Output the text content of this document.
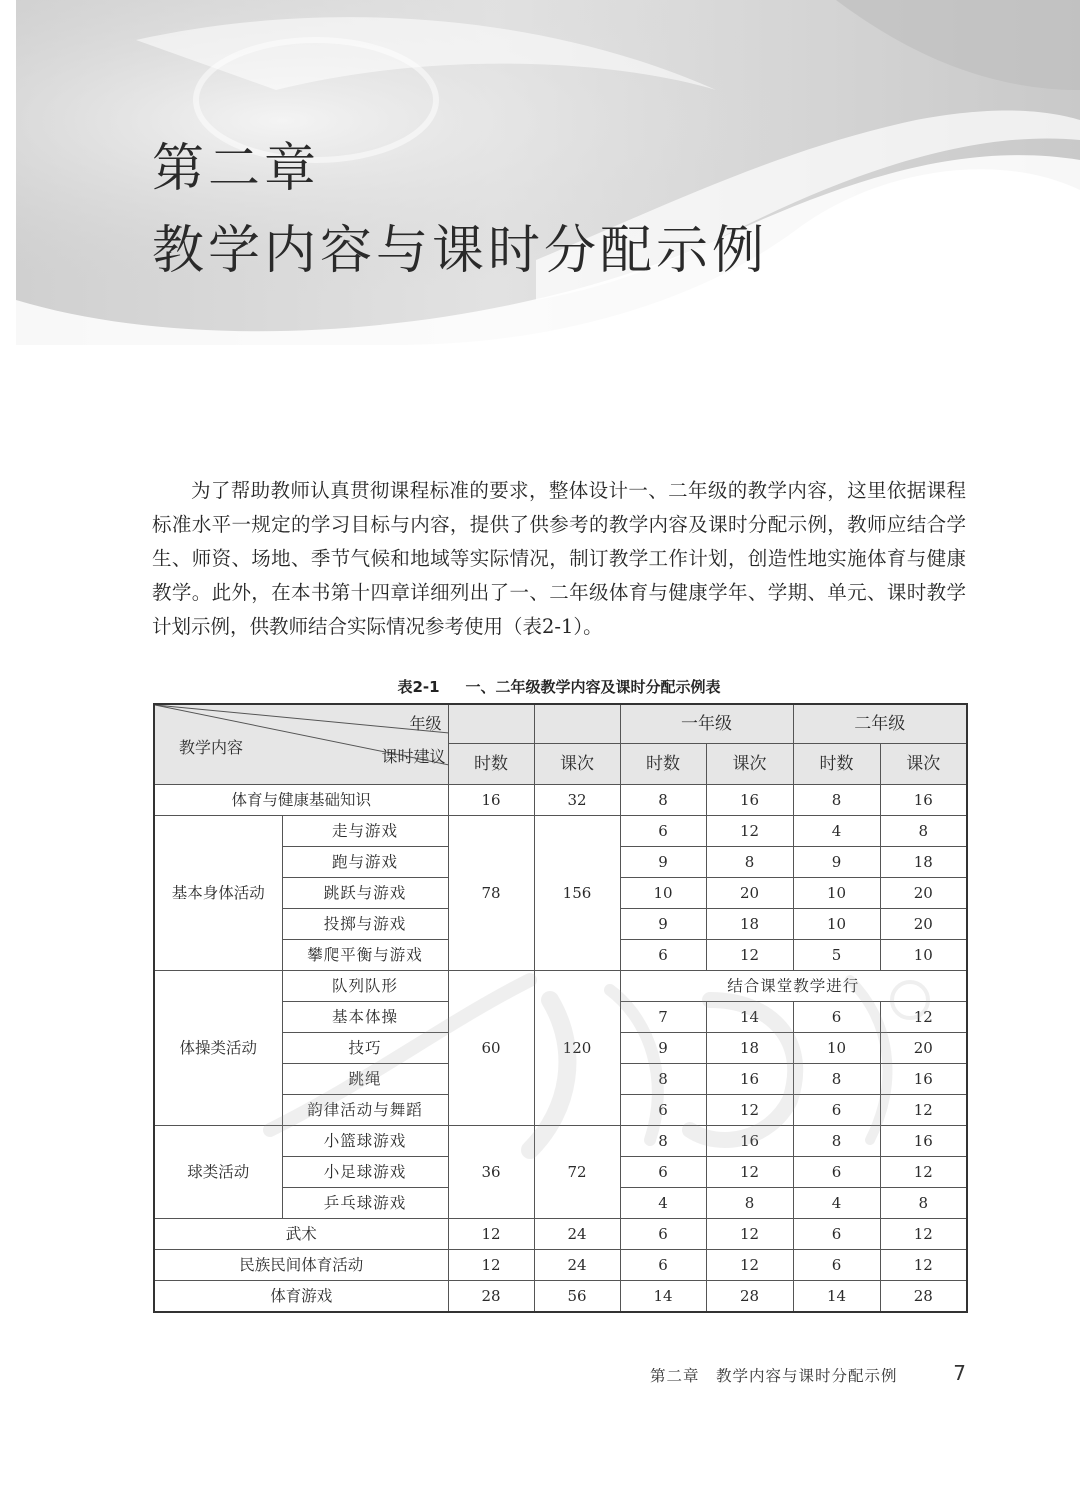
第二章
教学内容与课时分配示例

为了帮助教师认真贯彻课程标准的要求，整体设计一、二年级的教学内容，这里依据课程标准水平一规定的学习目标与内容，提供了供参考的教学内容及课时分配示例，教师应结合学生、师资、场地、季节气候和地域等实际情况，制订教学工作计划，创造性地实施体育与健康教学。此外，在本书第十四章详细列出了一、二年级体育与健康学年、学期、单元、课时教学计划示例，供教师结合实际情况参考使用（表2-1）。

表2-1 一、二年级教学内容及课时分配示例表
年级
课时建议
教学内容				一年级		二年级	
		时数	课次	时数	课次	时数	课次
体育与健康基础知识		16	32	8	16	8	16
基本身体活动	走与游戏	78	156	6	12	4	8
	跑与游戏			9	8	9	18
	跳跃与游戏			10	20	10	20
	投掷与游戏			9	18	10	20
	攀爬平衡与游戏			6	12	5	10
体操类活动	队列队形	60	120	结合课堂教学进行			
	基本体操			7	14	6	12
	技巧			9	18	10	20
	跳绳			8	16	8	16
	韵律活动与舞蹈			6	12	6	12
球类活动	小篮球游戏	36	72	8	16	8	16
	小足球游戏			6	12	6	12
	乒乓球游戏			4	8	4	8
武术		12	24	6	12	6	12
民族民间体育活动		12	24	6	12	6	12
体育游戏		28	56	14	28	14	28
第二章　教学内容与课时分配示例	7
